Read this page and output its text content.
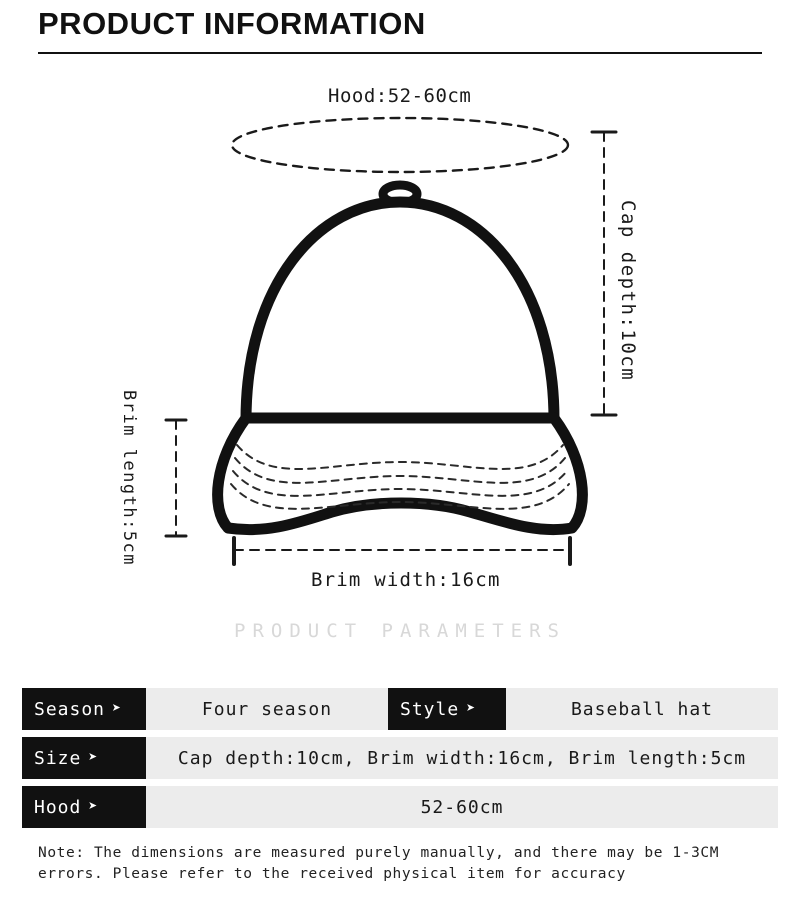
PRODUCT INFORMATION
Hood:52-60cm
Cap depth:10cm
Brim length:5cm
Brim width:16cm
PRODUCT PARAMETERS
Season ➤	Four season	Style ➤	Baseball hat
Size ➤	Cap depth:10cm, Brim width:16cm, Brim length:5cm
Hood ➤	52-60cm
Note: The dimensions are measured purely manually, and there may be 1-3CM
errors. Please refer to the received physical item for accuracy
